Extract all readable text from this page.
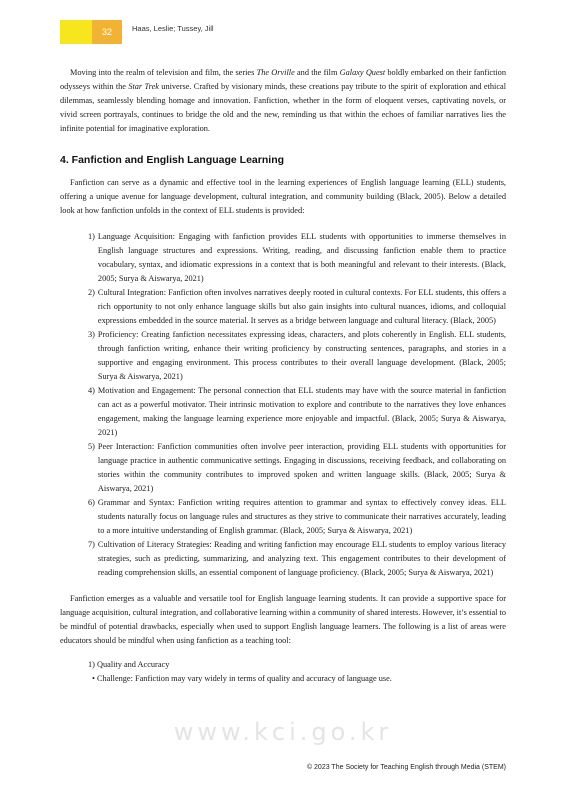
32	Haas, Leslie; Tussey, Jill

Moving into the realm of television and film, the series The Orville and the film Galaxy Quest boldly embarked on their fanfiction odysseys within the Star Trek universe. Crafted by visionary minds, these creations pay tribute to the spirit of exploration and ethical dilemmas, seamlessly blending homage and innovation. Fanfiction, whether in the form of eloquent verses, captivating novels, or vivid screen portrayals, continues to bridge the old and the new, reminding us that within the echoes of familiar narratives lies the infinite potential for imaginative exploration.

4. Fanfiction and English Language Learning

Fanfiction can serve as a dynamic and effective tool in the learning experiences of English language learning (ELL) students, offering a unique avenue for language development, cultural integration, and community building (Black, 2005). Below a detailed look at how fanfiction unfolds in the context of ELL students is provided:

1) Language Acquisition: Engaging with fanfiction provides ELL students with opportunities to immerse themselves in English language structures and expressions. Writing, reading, and discussing fanfiction enable them to practice vocabulary, syntax, and idiomatic expressions in a context that is both meaningful and relevant to their interests. (Black, 2005; Surya & Aiswarya, 2021)
2) Cultural Integration: Fanfiction often involves narratives deeply rooted in cultural contexts. For ELL students, this offers a rich opportunity to not only enhance language skills but also gain insights into cultural nuances, idioms, and colloquial expressions embedded in the source material. It serves as a bridge between language and cultural literacy. (Black, 2005)
3) Proficiency: Creating fanfiction necessitates expressing ideas, characters, and plots coherently in English. ELL students, through fanfiction writing, enhance their writing proficiency by constructing sentences, paragraphs, and stories in a supportive and engaging environment. This process contributes to their overall language development. (Black, 2005; Surya & Aiswarya, 2021)
4) Motivation and Engagement: The personal connection that ELL students may have with the source material in fanfiction can act as a powerful motivator. Their intrinsic motivation to explore and contribute to the narratives they love enhances engagement, making the language learning experience more enjoyable and impactful. (Black, 2005; Surya & Aiswarya, 2021)
5) Peer Interaction: Fanfiction communities often involve peer interaction, providing ELL students with opportunities for language practice in authentic communicative settings. Engaging in discussions, receiving feedback, and collaborating on stories within the community contributes to improved spoken and written language skills. (Black, 2005; Surya & Aiswarya, 2021)
6) Grammar and Syntax: Fanfiction writing requires attention to grammar and syntax to effectively convey ideas. ELL students naturally focus on language rules and structures as they strive to communicate their narratives accurately, leading to a more intuitive understanding of English grammar. (Black, 2005; Surya & Aiswarya, 2021)
7) Cultivation of Literacy Strategies: Reading and writing fanfiction may encourage ELL students to employ various literacy strategies, such as predicting, summarizing, and analyzing text. This engagement contributes to their development of reading comprehension skills, an essential component of language proficiency. (Black, 2005; Surya & Aiswarya, 2021)

Fanfiction emerges as a valuable and versatile tool for English language learning students. It can provide a supportive space for language acquisition, cultural integration, and collaborative learning within a community of shared interests. However, it’s essential to be mindful of potential drawbacks, especially when used to support English language learners. The following is a list of areas were educators should be mindful when using fanfiction as a teaching tool:

1) Quality and Accuracy
• Challenge: Fanfiction may vary widely in terms of quality and accuracy of language use.
www.kci.go.kr
© 2023 The Society for Teaching English through Media (STEM)
